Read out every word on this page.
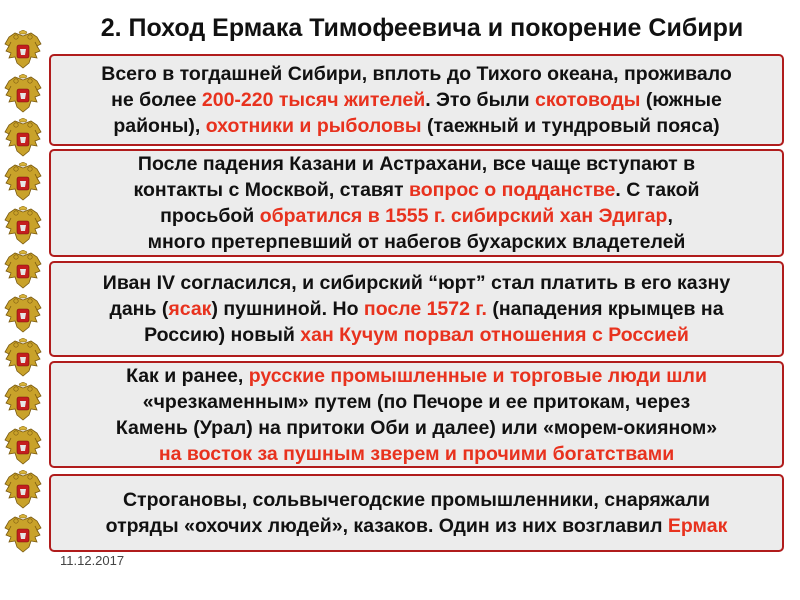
2. Поход Ермака Тимофеевича и покорение Сибири

Всего в тогдашней Сибири, вплоть до Тихого океана, проживало

не более 200-220 тысяч жителей. Это были скотоводы (южные

районы), охотники и рыболовы (таежный и тундровый пояса)

После падения Казани и Астрахани, все чаще вступают в

контакты с Москвой, ставят вопрос о подданстве. С такой

просьбой обратился в 1555 г. сибирский хан Эдигар,

много претерпевший от набегов бухарских владетелей

Иван IV согласился, и сибирский “юрт” стал платить в его казну

дань (ясак) пушниной. Но после 1572 г. (нападения крымцев на

Россию) новый хан Кучум порвал отношения с Россией

Как и ранее, русские промышленные и торговые люди шли

«чрезкаменным» путем (по Печоре и ее притокам, через

Камень (Урал) на притоки Оби и далее) или «морем-окияном»

на восток за пушным зверем и прочими богатствами

Строгановы, сольвычегодские промышленники, снаряжали

отряды «охочих людей», казаков. Один из них возглавил Ермак

11.12.2017
